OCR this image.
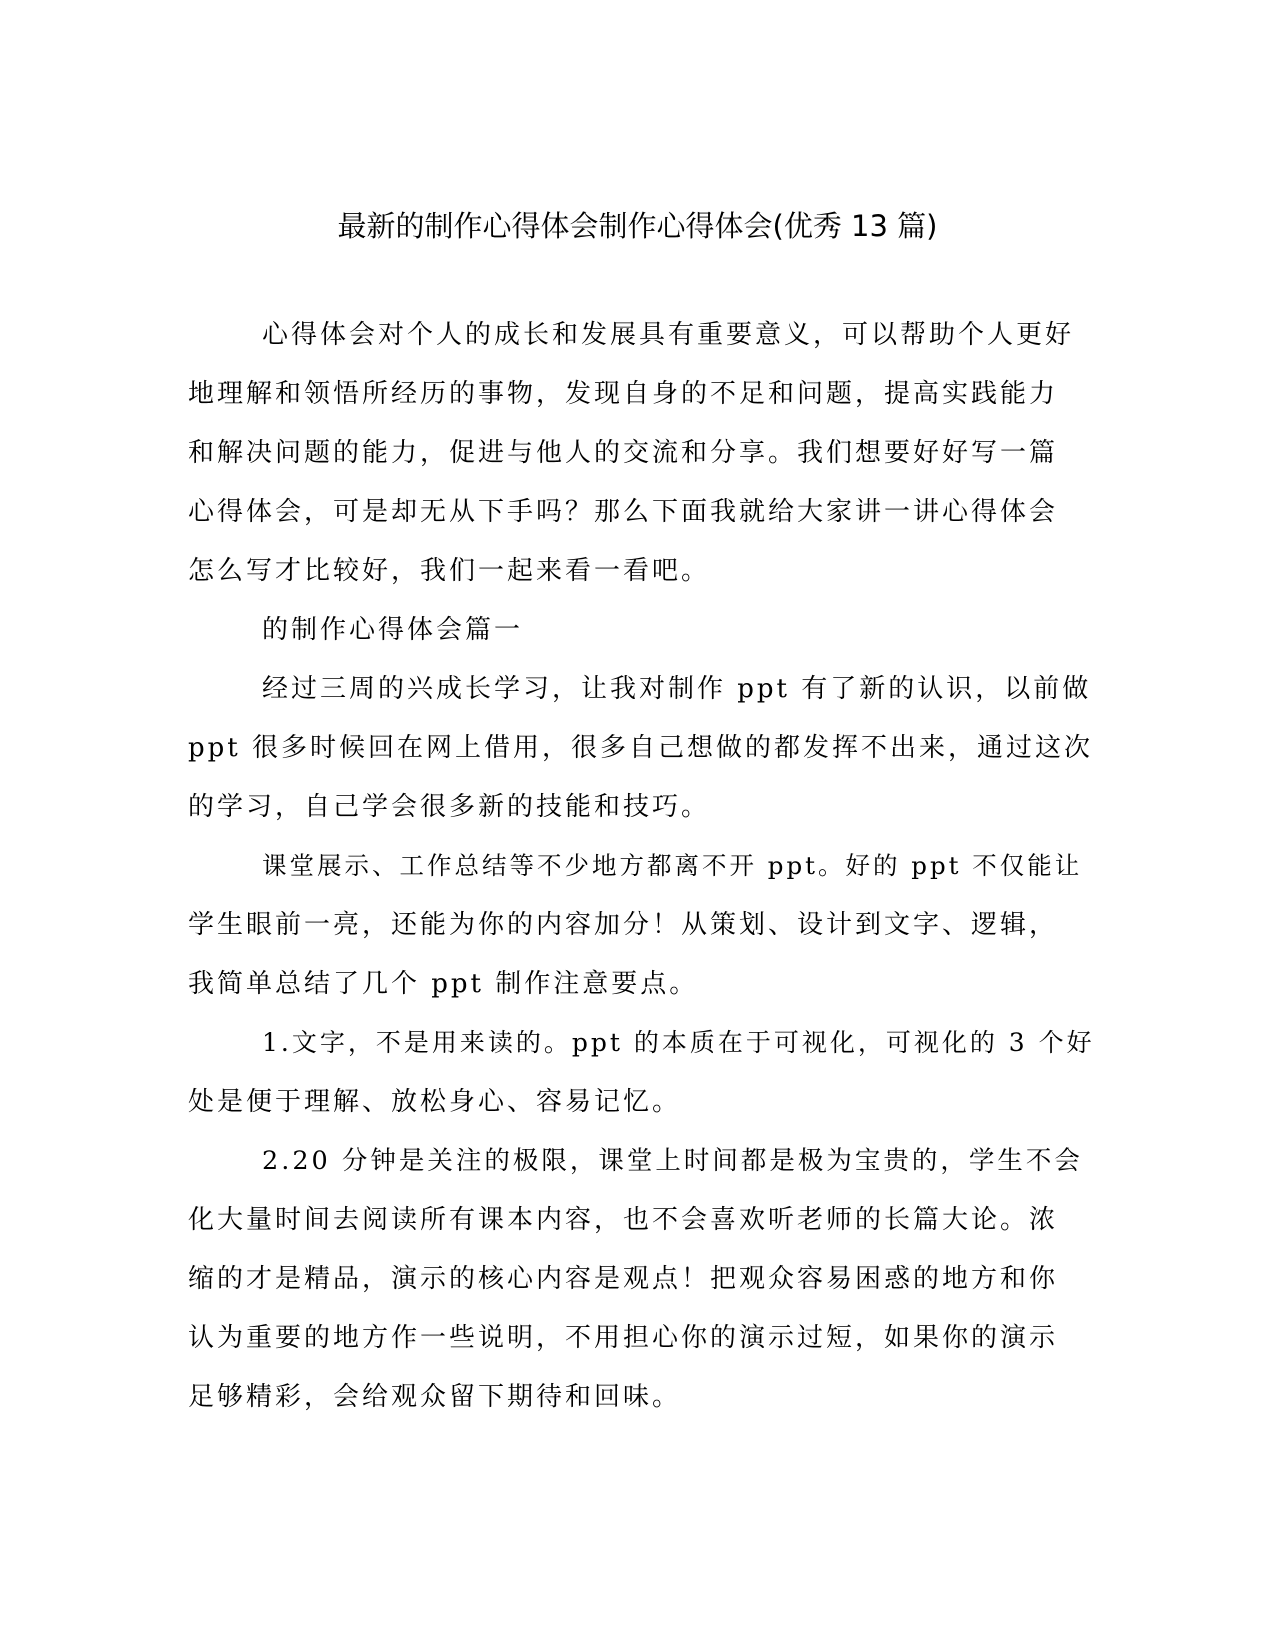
最新的制作心得体会制作心得体会(优秀 13 篇)
心得体会对个人的成长和发展具有重要意义，可以帮助个人更好
地理解和领悟所经历的事物，发现自身的不足和问题，提高实践能力
和解决问题的能力，促进与他人的交流和分享。我们想要好好写一篇
心得体会，可是却无从下手吗？那么下面我就给大家讲一讲心得体会
怎么写才比较好，我们一起来看一看吧。
的制作心得体会篇一
经过三周的兴成长学习，让我对制作 ppt 有了新的认识，以前做
ppt 很多时候回在网上借用，很多自己想做的都发挥不出来，通过这次
的学习，自己学会很多新的技能和技巧。
课堂展示、工作总结等不少地方都离不开 ppt。好的 ppt 不仅能让
学生眼前一亮，还能为你的内容加分！从策划、设计到文字、逻辑，
我简单总结了几个 ppt 制作注意要点。
1.文字，不是用来读的。ppt 的本质在于可视化，可视化的 3 个好
处是便于理解、放松身心、容易记忆。
2.20 分钟是关注的极限，课堂上时间都是极为宝贵的，学生不会
化大量时间去阅读所有课本内容，也不会喜欢听老师的长篇大论。浓
缩的才是精品，演示的核心内容是观点！把观众容易困惑的地方和你
认为重要的地方作一些说明，不用担心你的演示过短，如果你的演示
足够精彩，会给观众留下期待和回味。
